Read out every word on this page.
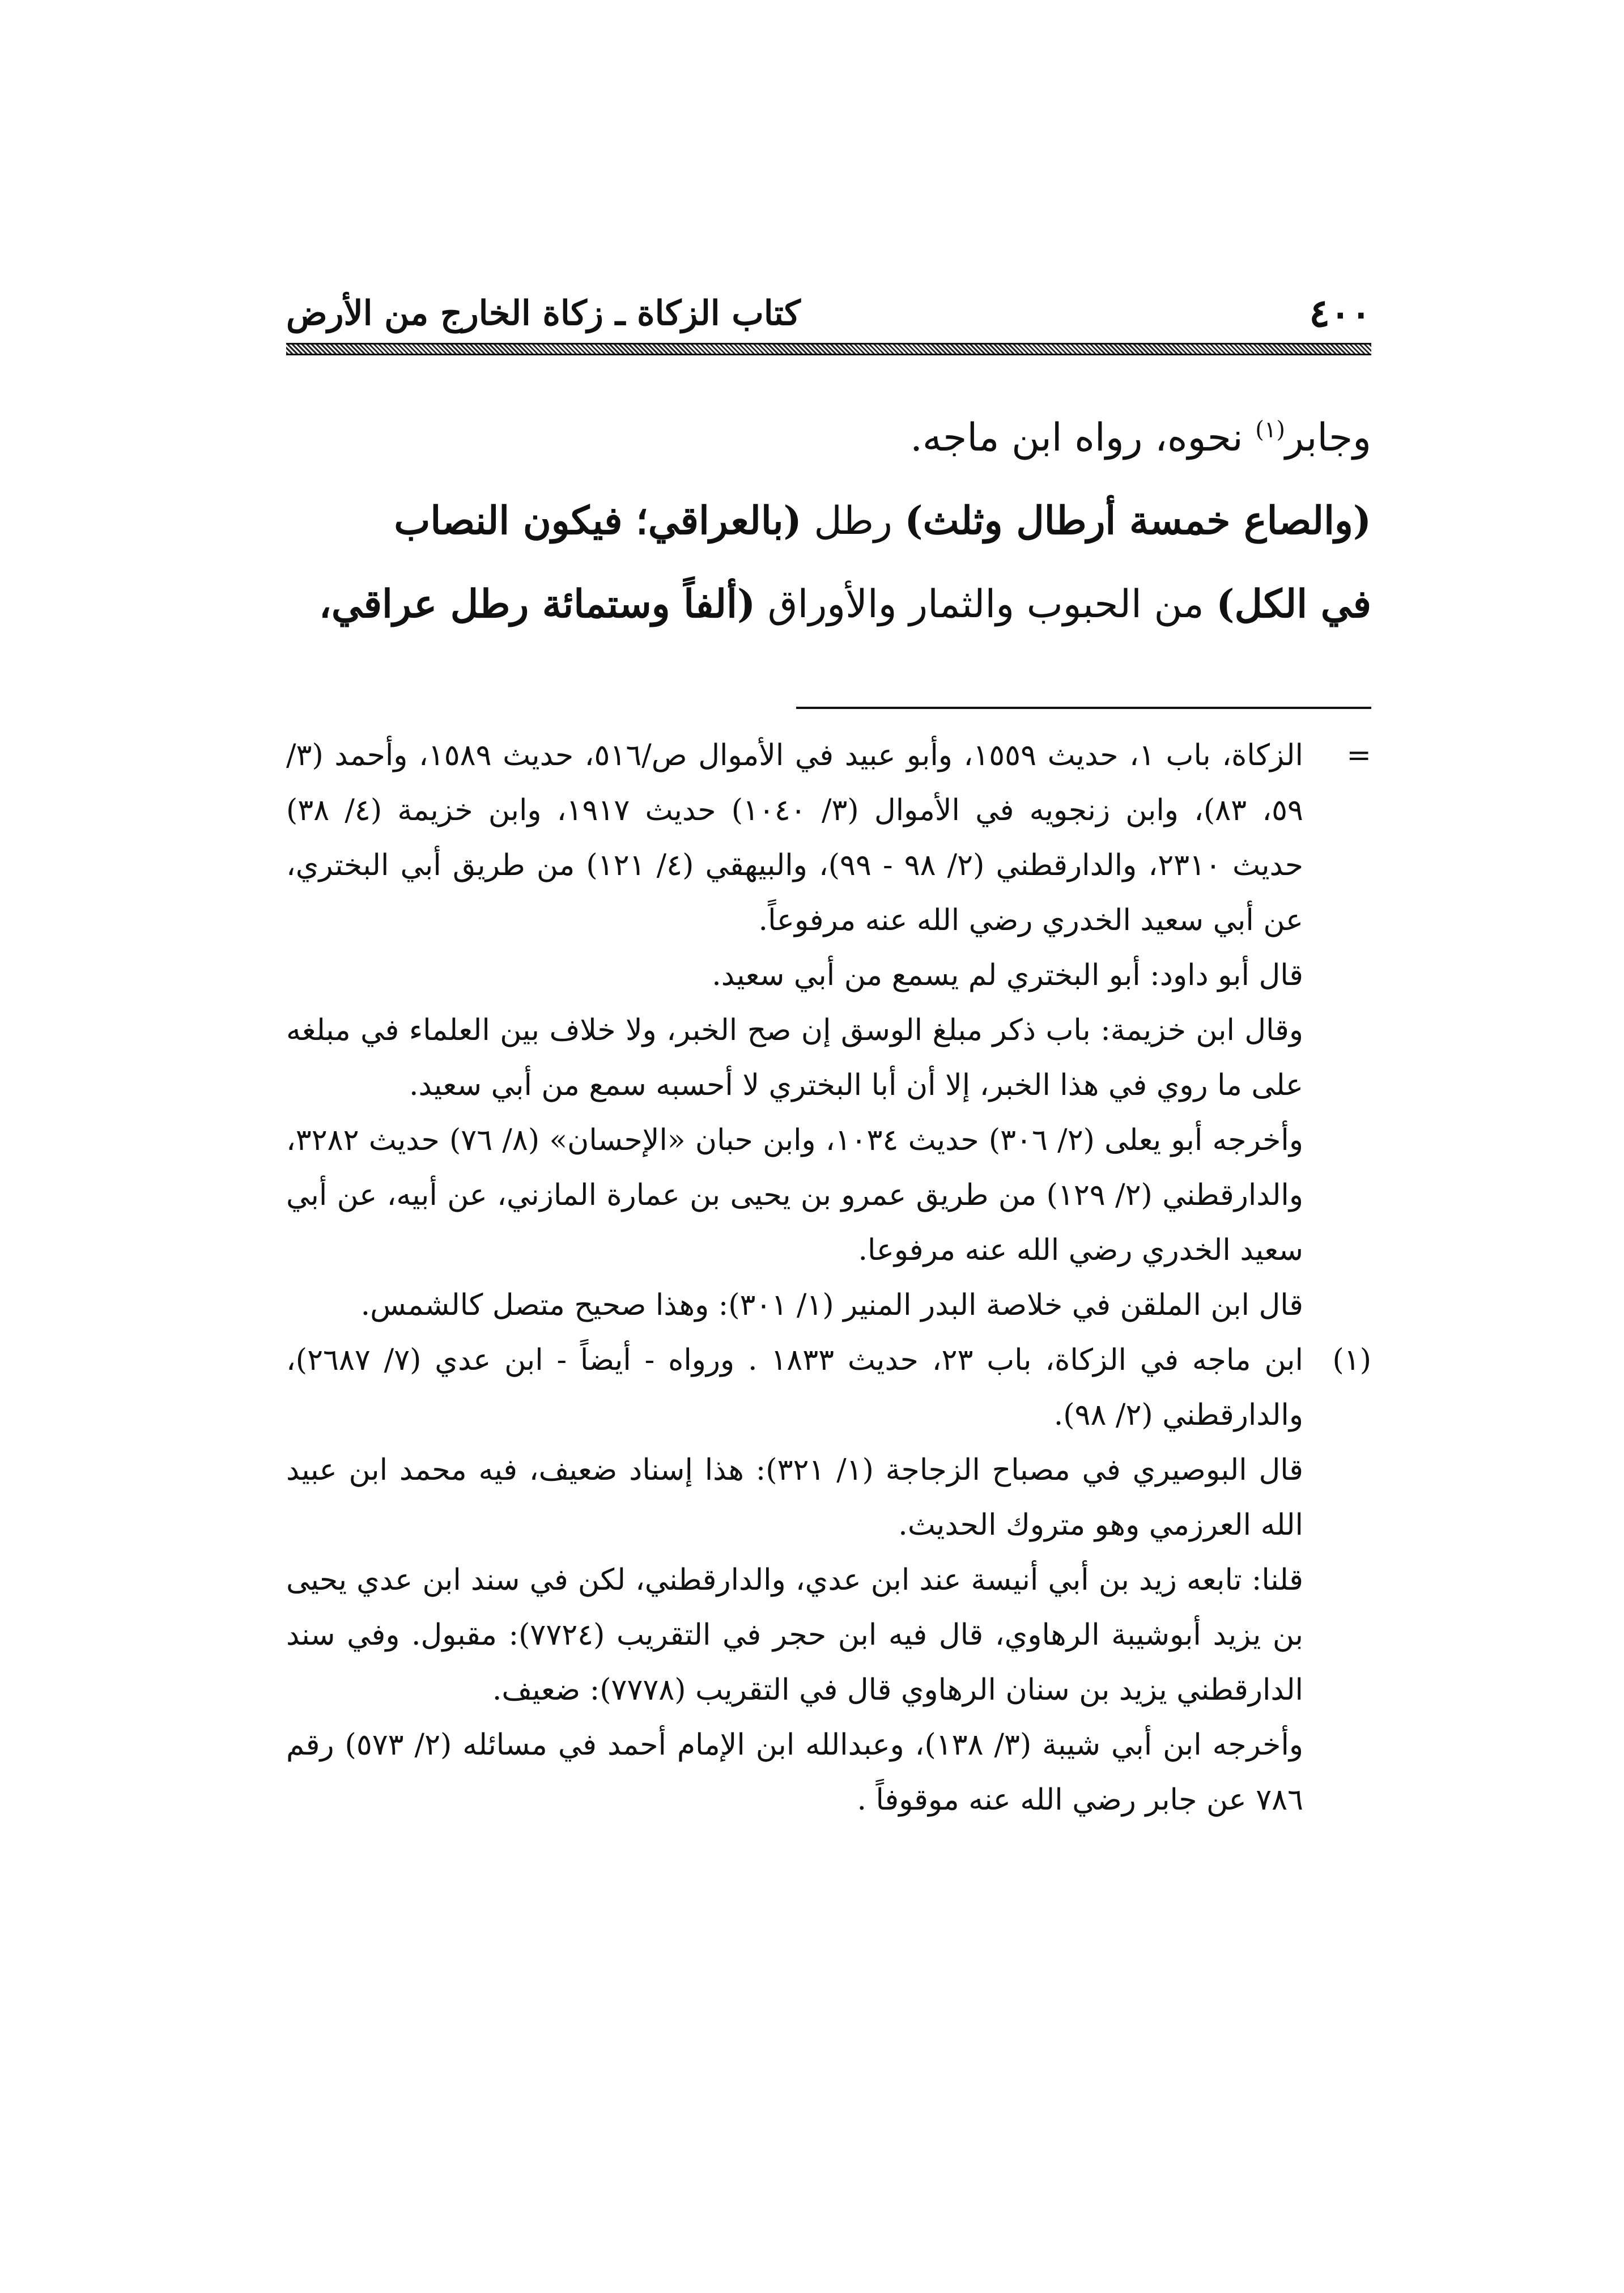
٤٠٠
كتاب الزكاة ـ زكاة الخارج من الأرض

وجابر$^{(١)}$ نحوه، رواه ابن ماجه.

(والصاع خمسة أرطال وثلث) رطل (بالعراقي؛ فيكون النصاب

في الكل) من الحبوب والثمار والأوراق (ألفاً وستمائة رطل عراقي،

=

الزكاة، باب ١، حديث ١٥٥٩، وأبو عبيد في الأموال ص/٥١٦، حديث ١٥٨٩، وأحمد (٣/ ٥٩، ٨٣)، وابن زنجويه في الأموال (٣/ ١٠٤٠) حديث ١٩١٧، وابن خزيمة (٤/ ٣٨) حديث ٢٣١٠، والدارقطني (٢/ ٩٨ - ٩٩)، والبيهقي (٤/ ١٢١) من طريق أبي البختري، عن أبي سعيد الخدري رضي الله عنه مرفوعاً.

قال أبو داود: أبو البختري لم يسمع من أبي سعيد.

وقال ابن خزيمة: باب ذكر مبلغ الوسق إن صح الخبر، ولا خلاف بين العلماء في مبلغه على ما روي في هذا الخبر، إلا أن أبا البختري لا أحسبه سمع من أبي سعيد.

وأخرجه أبو يعلى (٢/ ٣٠٦) حديث ١٠٣٤، وابن حبان «الإحسان» (٨/ ٧٦) حديث ٣٢٨٢، والدارقطني (٢/ ١٢٩) من طريق عمرو بن يحيى بن عمارة المازني، عن أبيه، عن أبي سعيد الخدري رضي الله عنه مرفوعا.

قال ابن الملقن في خلاصة البدر المنير (١/ ٣٠١): وهذا صحيح متصل كالشمس.

(١)

ابن ماجه في الزكاة، باب ٢٣، حديث ١٨٣٣ . ورواه - أيضاً - ابن عدي (٧/ ٢٦٨٧)، والدارقطني (٢/ ٩٨).

قال البوصيري في مصباح الزجاجة (١/ ٣٢١): هذا إسناد ضعيف، فيه محمد ابن عبيد الله العرزمي وهو متروك الحديث.

قلنا: تابعه زيد بن أبي أنيسة عند ابن عدي، والدارقطني، لكن في سند ابن عدي يحيى بن يزيد أبوشيبة الرهاوي، قال فيه ابن حجر في التقريب (٧٧٢٤): مقبول. وفي سند الدارقطني يزيد بن سنان الرهاوي قال في التقريب (٧٧٧٨): ضعيف.

وأخرجه ابن أبي شيبة (٣/ ١٣٨)، وعبدالله ابن الإمام أحمد في مسائله (٢/ ٥٧٣) رقم ٧٨٦ عن جابر رضي الله عنه موقوفاً .
